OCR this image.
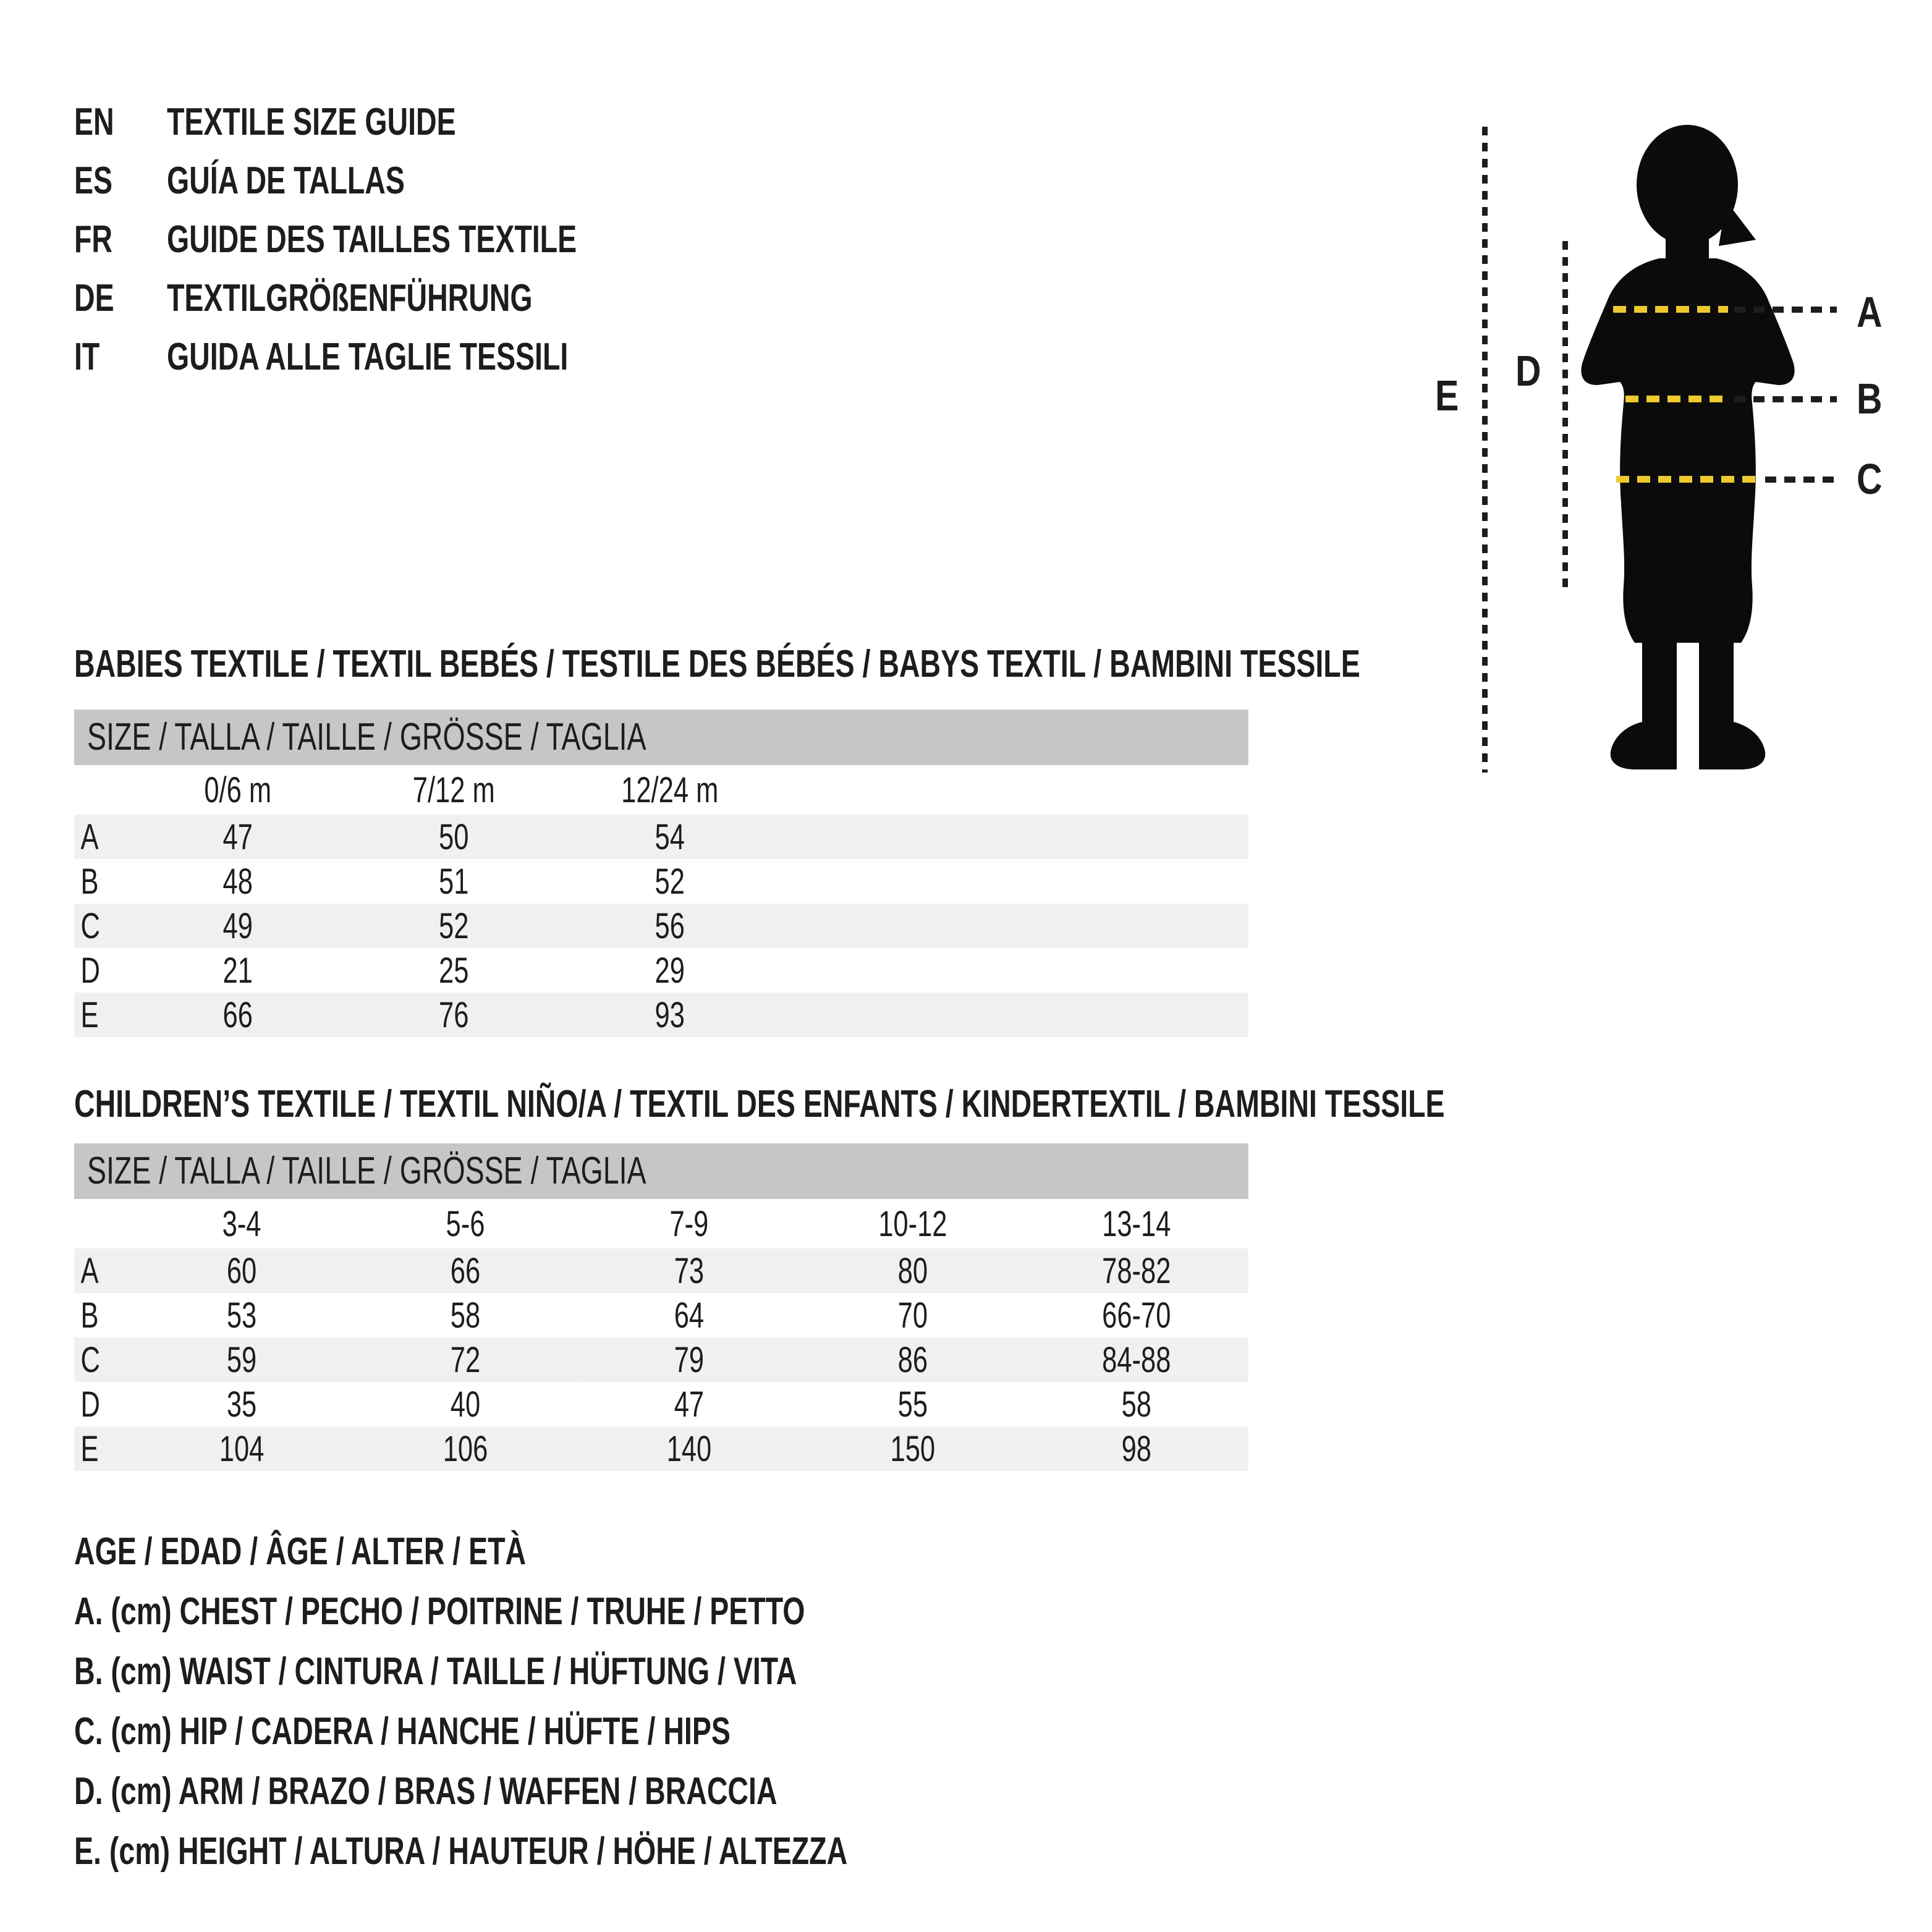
EN TEXTILE SIZE GUIDE
ES GUÍA DE TALLAS
FR GUIDE DES TAILLES TEXTILE
DE TEXTILGRÖßENFÜHRUNG
IT GUIDA ALLE TAGLIE TESSILI
BABIES TEXTILE / TEXTIL BEBÉS / TESTILE DES BÉBÉS / BABYS TEXTIL / BAMBINI TESSILE
SIZE / TALLA / TAILLE / GRÖSSE / TAGLIA
	0/6 m	7/12 m	12/24 m		
A	47	50	54		
B	48	51	52		
C	49	52	56		
D	21	25	29		
E	66	76	93		
CHILDREN’S TEXTILE / TEXTIL NIÑO/A / TEXTIL DES ENFANTS / KINDERTEXTIL / BAMBINI TESSILE
SIZE / TALLA / TAILLE / GRÖSSE / TAGLIA
	3-4	5-6	7-9	10-12	13-14
A	60	66	73	80	78-82
B	53	58	64	70	66-70
C	59	72	79	86	84-88
D	35	40	47	55	58
E	104	106	140	150	98
AGE / EDAD / ÂGE / ALTER / ETÀ
A. (cm) CHEST / PECHO / POITRINE / TRUHE / PETTO
B. (cm) WAIST / CINTURA / TAILLE / HÜFTUNG / VITA
C. (cm) HIP / CADERA / HANCHE / HÜFTE / HIPS
D. (cm) ARM / BRAZO / BRAS / WAFFEN / BRACCIA
E. (cm) HEIGHT / ALTURA / HAUTEUR / HÖHE / ALTEZZA
A
B
C
D
E
